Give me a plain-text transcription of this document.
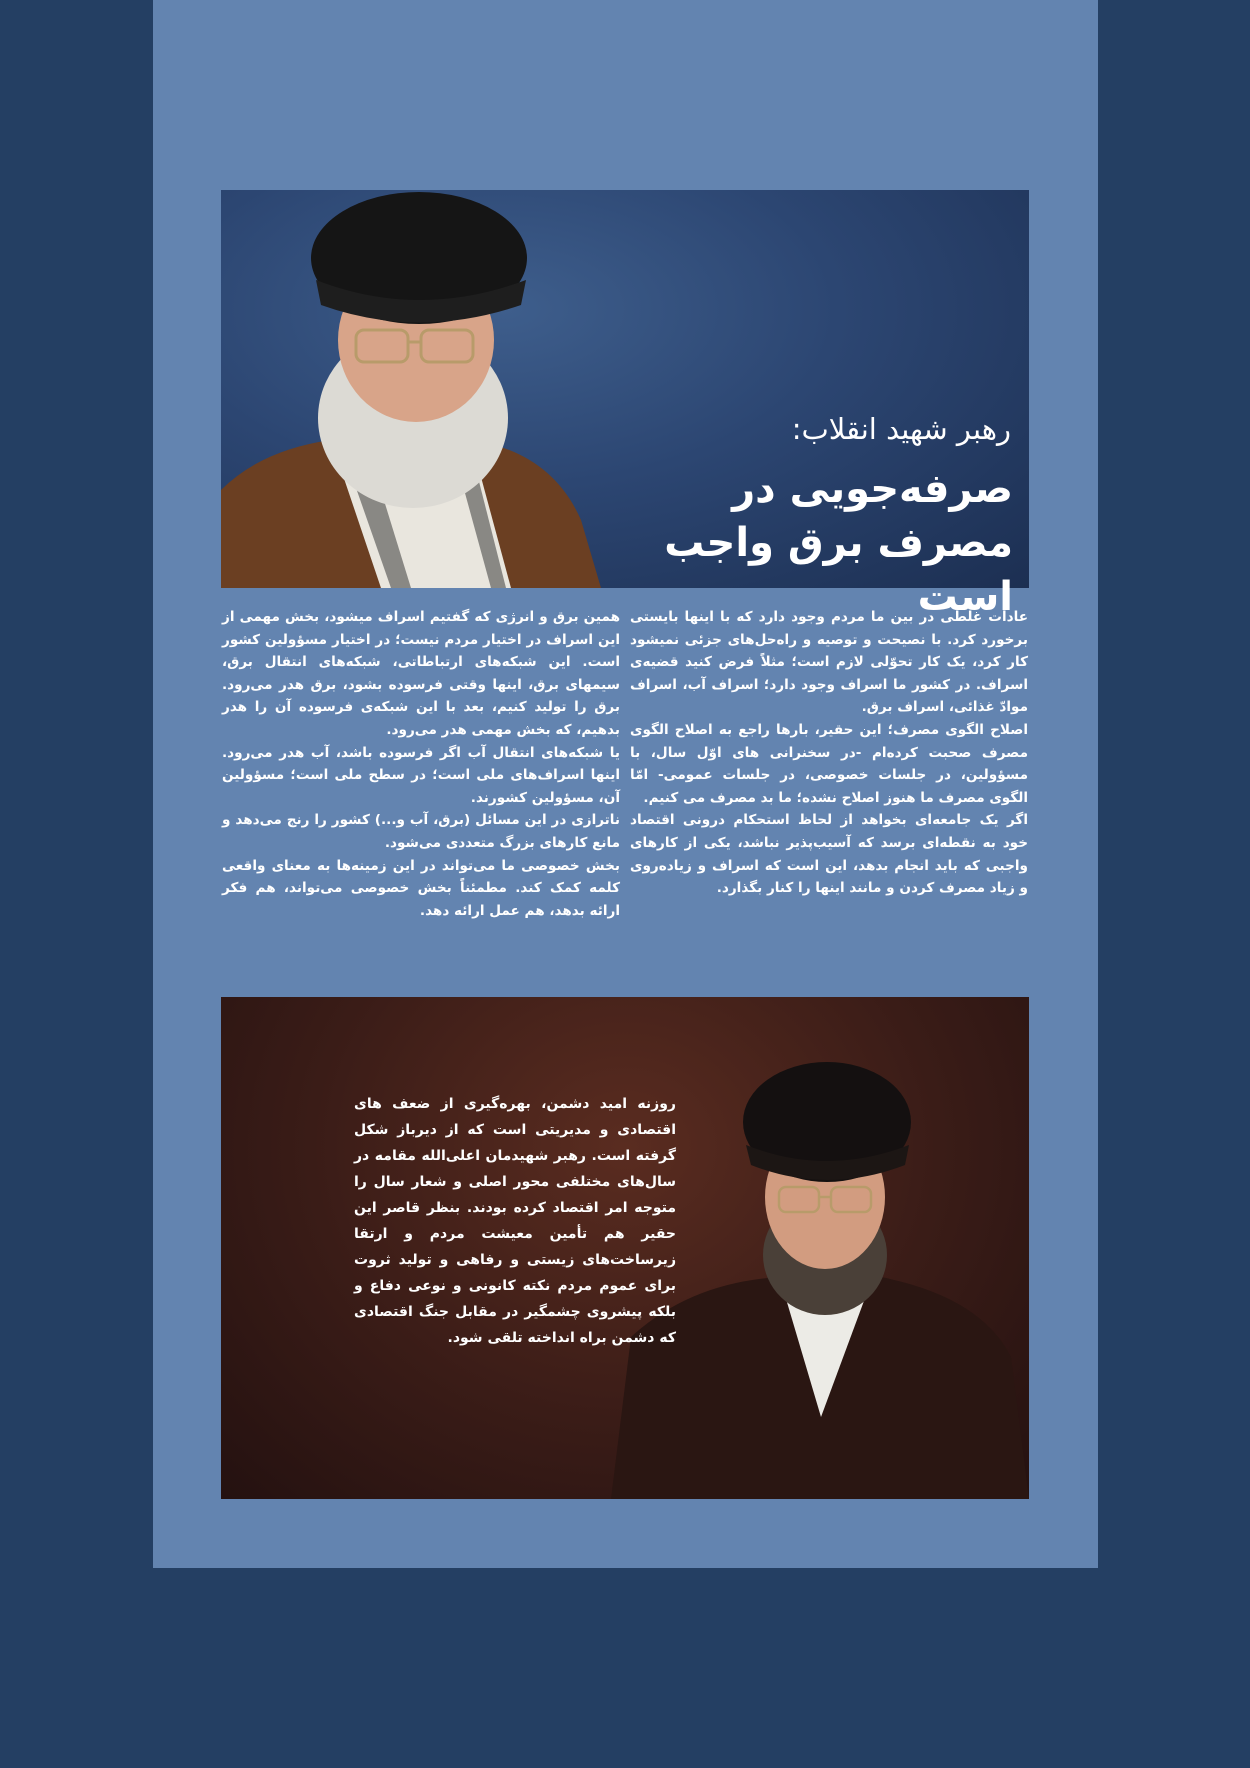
رهبر شهید انقلاب:
صرفه‌جویی در مصرف برق واجب است

عادات غلطی در بین ما مردم وجود دارد که با اینها بایستی برخورد کرد. با نصیحت و توصیه و راه‌حل‌های جزئی نمیشود کار کرد، یک کار تحوّلی لازم است؛ مثلاً فرض کنید قضیه‌ی اسراف. در کشور ما اسراف وجود دارد؛ اسراف آب، اسراف موادّ غذائی، اسراف برق.

اصلاح الگوی مصرف؛ این حقیر، بارها راجع به اصلاح الگوی مصرف صحبت کرده‌ام -در سخنرانی های اوّل سال، با مسؤولین، در جلسات خصوصی، در جلسات عمومی- امّا الگوی مصرف ما هنوز اصلاح نشده؛ ما بد مصرف می کنیم.

اگر یک جامعه‌ای بخواهد از لحاظ استحکام درونی اقتصاد خود به نقطه‌ای برسد که آسیب‌پذیر نباشد، یکی از کارهای واجبی که باید انجام بدهد، این است که اسراف و زیاده‌روی و زیاد مصرف کردن و مانند اینها را کنار بگذارد.

همین برق و انرژی که گفتیم اسراف میشود، بخش مهمی از این اسراف در اختیار مردم نیست؛ در اختیار مسؤولین کشور است. این شبکه‌های ارتباطاتی، شبکه‌های انتقال برق، سیمهای برق، اینها وقتی فرسوده بشود، برق هدر می‌رود. برق را تولید کنیم، بعد با این شبکه‌ی فرسوده آن را هدر بدهیم، که بخش مهمی هدر می‌رود.

یا شبکه‌های انتقال آب اگر فرسوده باشد، آب هدر می‌رود. اینها اسراف‌های ملی است؛ در سطح ملی است؛ مسؤولین آن، مسؤولین کشورند.

ناترازی در این مسائل (برق، آب و...) کشور را رنج می‌دهد و مانع کارهای بزرگ متعددی می‌شود.

بخش خصوصی ما می‌تواند در این زمینه‌ها به معنای واقعی کلمه کمک کند. مطمئناً بخش خصوصی می‌تواند، هم فکر ارائه بدهد، هم عمل ارائه دهد.

روزنه امید دشمن، بهره‌گیری از ضعف های اقتصادی و مدیریتی است که از دیرباز شکل گرفته است. رهبر شهیدمان اعلی‌الله مقامه در سال‌های مختلفی محور اصلی و شعار سال را متوجه امر اقتصاد کرده بودند. بنظر قاصر این حقیر هم تأمین معیشت مردم و ارتقا زیرساخت‌های زیستی و رفاهی و تولید ثروت برای عموم مردم نکته کانونی و نوعی دفاع و بلکه پیشروی چشمگیر در مقابل جنگ اقتصادی که دشمن براه انداخته تلقی شود.
